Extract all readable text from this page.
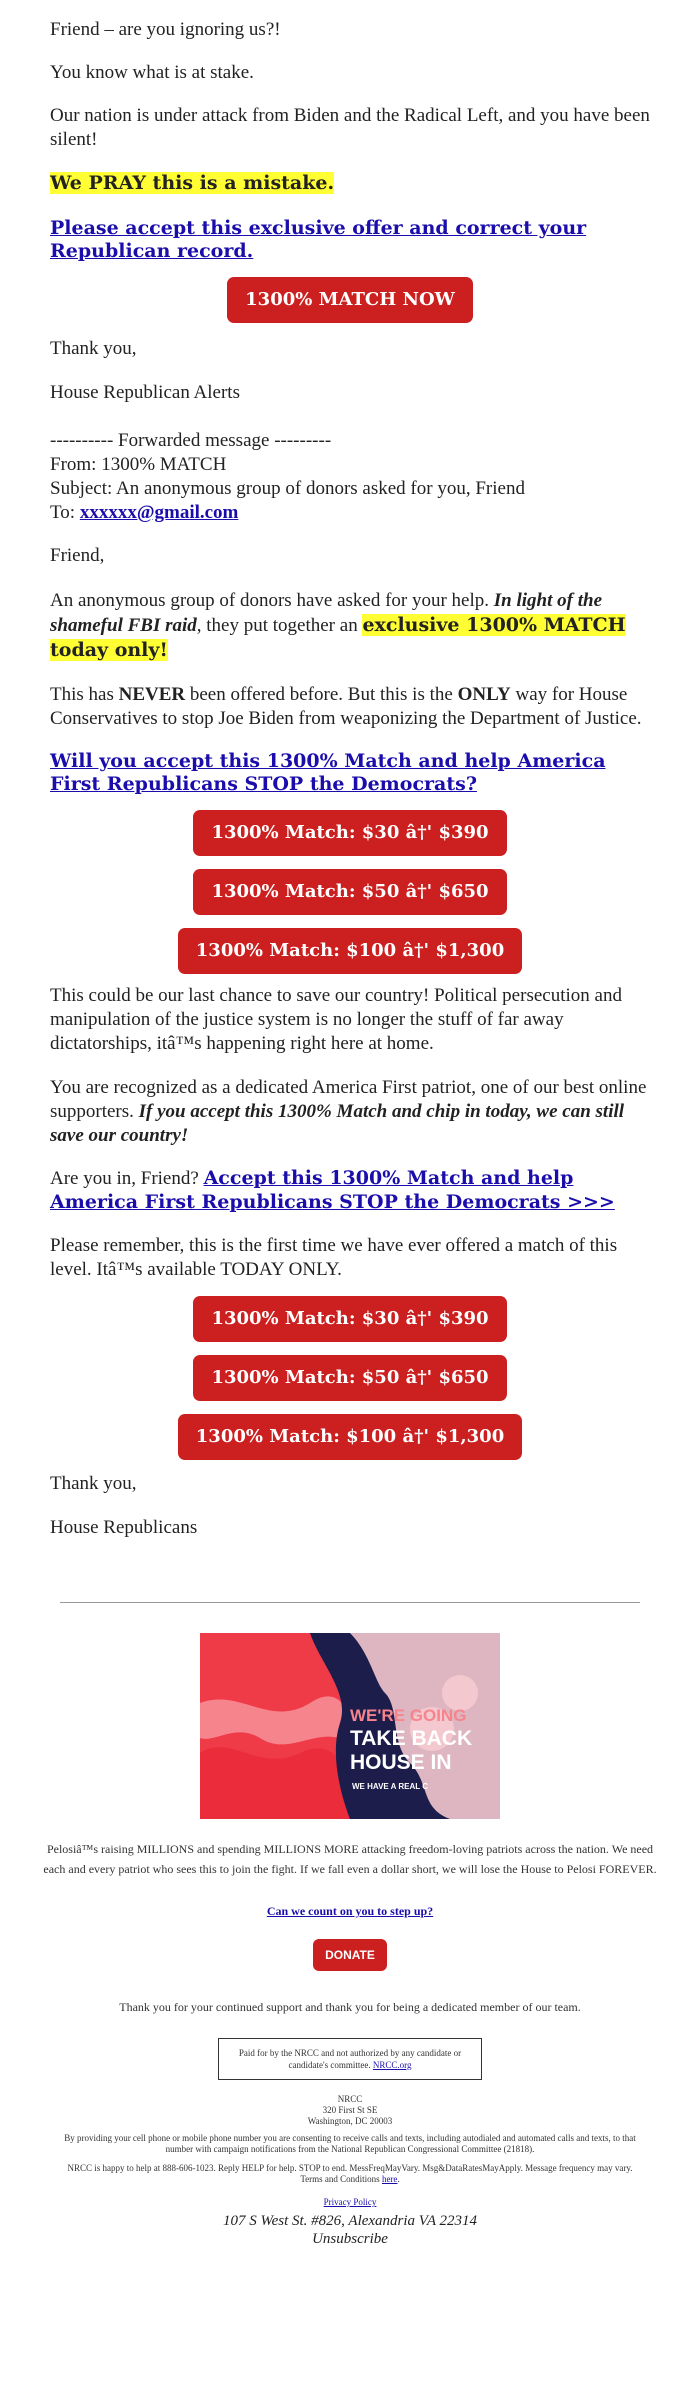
Friend – are you ignoring us?!

You know what is at stake.

Our nation is under attack from Biden and the Radical Left, and you have been silent!

We PRAY this is a mistake.

Please accept this exclusive offer and correct your Republican record.

1300% MATCH NOW

Thank you,

House Republican Alerts

---------- Forwarded message ---------

From: 1300% MATCH

Subject: An anonymous group of donors asked for you, Friend

To: xxxxxx@gmail.com

Friend,

An anonymous group of donors have asked for your help. In light of the shameful FBI raid, they put together an exclusive 1300% MATCH today only!

This has NEVER been offered before. But this is the ONLY way for House Conservatives to stop Joe Biden from weaponizing the Department of Justice.

Will you accept this 1300% Match and help America First Republicans STOP the Democrats?

1300% Match: $30 â†' $390
1300% Match: $50 â†' $650
1300% Match: $100 â†' $1,300

This could be our last chance to save our country! Political persecution and manipulation of the justice system is no longer the stuff of far away dictatorships, itâ™s happening right here at home.

You are recognized as a dedicated America First patriot, one of our best online supporters. If you accept this 1300% Match and chip in today, we can still save our country!

Are you in, Friend? Accept this 1300% Match and help America First Republicans STOP the Democrats >>>

Please remember, this is the first time we have ever offered a match of this level. Itâ™s available TODAY ONLY.

1300% Match: $30 â†' $390
1300% Match: $50 â†' $650
1300% Match: $100 â†' $1,300

Thank you,

House Republicans

WE'RE GOING
TAKE BACK
HOUSE IN
WE HAVE A REAL C

Pelosiâ™s raising MILLIONS and spending MILLIONS MORE attacking freedom-loving patriots across the nation. We need each and every patriot who sees this to join the fight. If we fall even a dollar short, we will lose the House to Pelosi FOREVER.

Can we count on you to step up?

DONATE

Thank you for your continued support and thank you for being a dedicated member of our team.

Paid for by the NRCC and not authorized by any candidate or candidate's committee. NRCC.org

NRCC

320 First St SE

Washington, DC 20003

By providing your cell phone or mobile phone number you are consenting to receive calls and texts, including autodialed and automated calls and texts, to that number with campaign notifications from the National Republican Congressional Committee (21818).

NRCC is happy to help at 888-606-1023. Reply HELP for help. STOP to end. MessFreqMayVary. Msg&DataRatesMayApply. Message frequency may vary. Terms and Conditions here.

Privacy Policy

107 S West St. #826, Alexandria VA 22314

Unsubscribe
